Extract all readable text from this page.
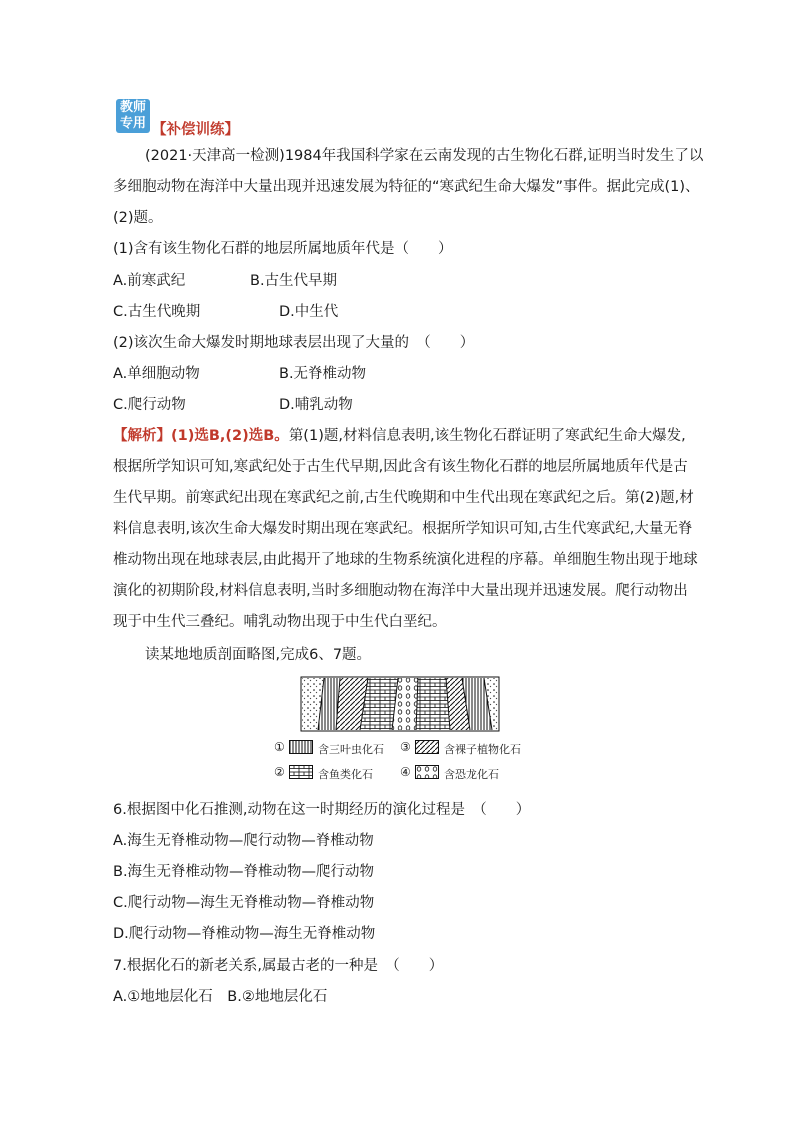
教师
专用 【补偿训练】
(2021·天津高一检测)1984年我国科学家在云南发现的古生物化石群,证明当时发生了以
多细胞动物在海洋中大量出现并迅速发展为特征的“寒武纪生命大爆发”事件。据此完成(1)、
(2)题。
(1)含有该生物化石群的地层所属地质年代是（　　）
A.前寒武纪	B.古生代早期
C.古生代晚期	D.中生代
(2)该次生命大爆发时期地球表层出现了大量的　（　　）
A.单细胞动物	B.无脊椎动物
C.爬行动物	D.哺乳动物
【解析】(1)选B,(2)选B。第(1)题,材料信息表明,该生物化石群证明了寒武纪生命大爆发,
根据所学知识可知,寒武纪处于古生代早期,因此含有该生物化石群的地层所属地质年代是古
生代早期。前寒武纪出现在寒武纪之前,古生代晚期和中生代出现在寒武纪之后。第(2)题,材
料信息表明,该次生命大爆发时期出现在寒武纪。根据所学知识可知,古生代寒武纪,大量无脊
椎动物出现在地球表层,由此揭开了地球的生物系统演化进程的序幕。单细胞生物出现于地球
演化的初期阶段,材料信息表明,当时多细胞动物在海洋中大量出现并迅速发展。爬行动物出
现于中生代三叠纪。哺乳动物出现于中生代白垩纪。
读某地地质剖面略图,完成6、7题。
①	含三叶虫化石 ③	含裸子植物化石
②	含鱼类化石 ④	含恐龙化石
6.根据图中化石推测,动物在这一时期经历的演化过程是　（　　）
A.海生无脊椎动物—爬行动物—脊椎动物
B.海生无脊椎动物—脊椎动物—爬行动物
C.爬行动物—海生无脊椎动物—脊椎动物
D.爬行动物—脊椎动物—海生无脊椎动物
7.根据化石的新老关系,属最古老的一种是　（　　）
A.①地地层化石　B.②地地层化石
